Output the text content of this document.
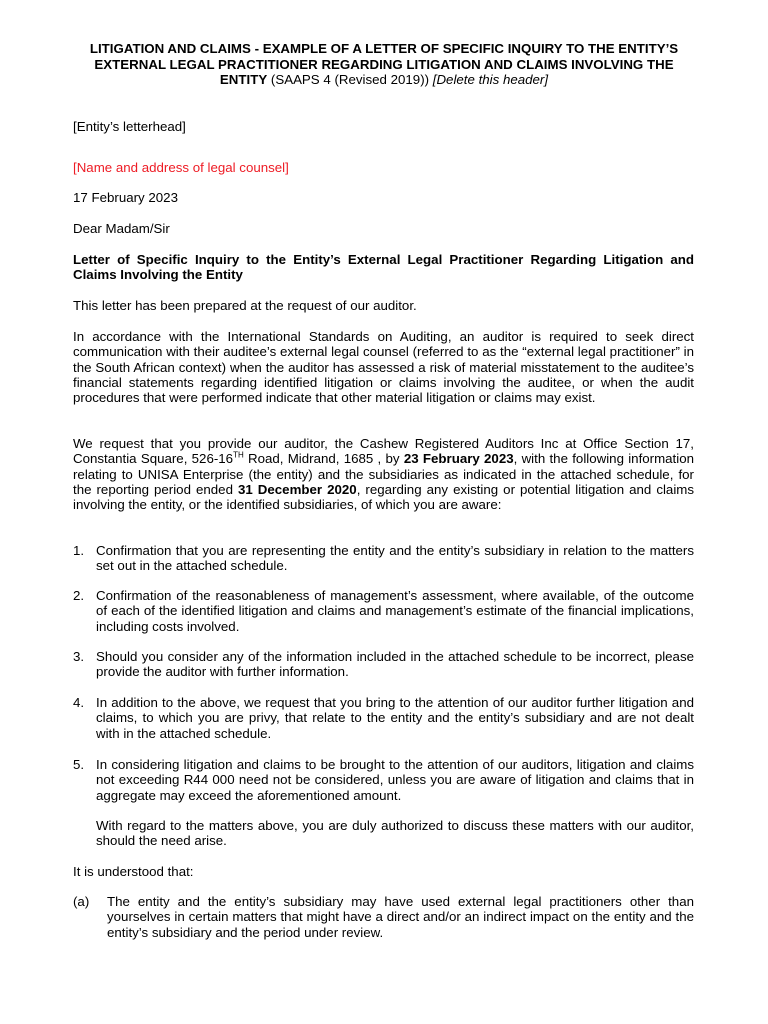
LITIGATION AND CLAIMS - EXAMPLE OF A LETTER OF SPECIFIC INQUIRY TO THE ENTITY’S EXTERNAL LEGAL PRACTITIONER REGARDING LITIGATION AND CLAIMS INVOLVING THE ENTITY (SAAPS 4 (Revised 2019)) [Delete this header]

[Entity’s letterhead]

[Name and address of legal counsel]

17 February 2023

Dear Madam/Sir

Letter of Specific Inquiry to the Entity’s External Legal Practitioner Regarding Litigation and Claims Involving the Entity

This letter has been prepared at the request of our auditor.

In accordance with the International Standards on Auditing, an auditor is required to seek direct communication with their auditee’s external legal counsel (referred to as the “external legal practitioner” in the South African context) when the auditor has assessed a risk of material misstatement to the auditee’s financial statements regarding identified litigation or claims involving the auditee, or when the audit procedures that were performed indicate that other material litigation or claims may exist.

We request that you provide our auditor, the Cashew Registered Auditors Inc at Office Section 17, Constantia Square, 526-16TH Road, Midrand, 1685 , by 23 February 2023, with the following information relating to UNISA Enterprise (the entity) and the subsidiaries as indicated in the attached schedule, for the reporting period ended 31 December 2020, regarding any existing or potential litigation and claims involving the entity, or the identified subsidiaries, of which you are aware:

1. Confirmation that you are representing the entity and the entity’s subsidiary in relation to the matters set out in the attached schedule.
2. Confirmation of the reasonableness of management’s assessment, where available, of the outcome of each of the identified litigation and claims and management’s estimate of the financial implications, including costs involved.
3. Should you consider any of the information included in the attached schedule to be incorrect, please provide the auditor with further information.
4. In addition to the above, we request that you bring to the attention of our auditor further litigation and claims, to which you are privy, that relate to the entity and the entity’s subsidiary and are not dealt with in the attached schedule.
5. In considering litigation and claims to be brought to the attention of our auditors, litigation and claims not exceeding R44 000 need not be considered, unless you are aware of litigation and claims that in aggregate may exceed the aforementioned amount.
With regard to the matters above, you are duly authorized to discuss these matters with our auditor, should the need arise.

It is understood that:

(a)	The entity and the entity’s subsidiary may have used external legal practitioners other than yourselves in certain matters that might have a direct and/or an indirect impact on the entity and the entity’s subsidiary and the period under review.
